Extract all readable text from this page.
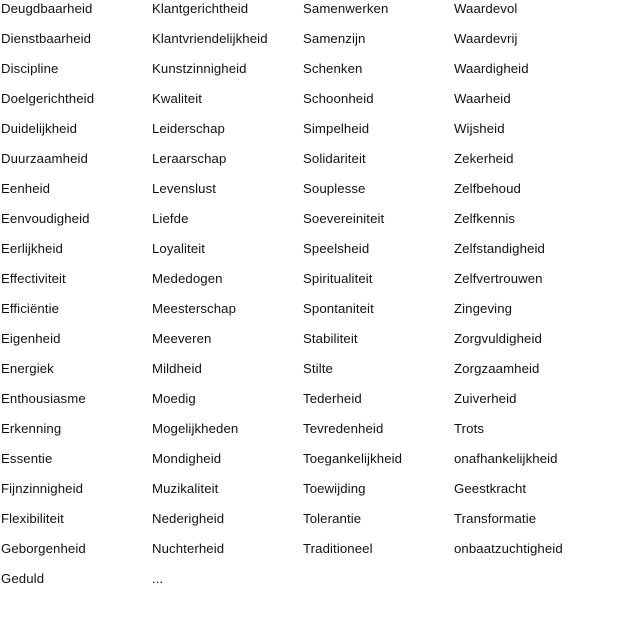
Deugdbaarheid
Dienstbaarheid
Discipline
Doelgerichtheid
Duidelijkheid
Duurzaamheid
Eenheid
Eenvoudigheid
Eerlijkheid
Effectiviteit
Efficiëntie
Eigenheid
Energiek
Enthousiasme
Erkenning
Essentie
Fijnzinnigheid
Flexibiliteit
Geborgenheid
Geduld
Klantgerichtheid
Klantvriendelijkheid
Kunstzinnigheid
Kwaliteit
Leiderschap
Leraarschap
Levenslust
Liefde
Loyaliteit
Mededogen
Meesterschap
Meeveren
Mildheid
Moedig
Mogelijkheden
Mondigheid
Muzikaliteit
Nederigheid
Nuchterheid
...
Samenwerken
Samenzijn
Schenken
Schoonheid
Simpelheid
Solidariteit
Souplesse
Soevereiniteit
Speelsheid
Spiritualiteit
Spontaniteit
Stabiliteit
Stilte
Tederheid
Tevredenheid
Toegankelijkheid
Toewijding
Tolerantie
Traditioneel
Waardevol
Waardevrij
Waardigheid
Waarheid
Wijsheid
Zekerheid
Zelfbehoud
Zelfkennis
Zelfstandigheid
Zelfvertrouwen
Zingeving
Zorgvuldigheid
Zorgzaamheid
Zuiverheid
Trots
onafhankelijkheid
Geestkracht
Transformatie
onbaatzuchtigheid
